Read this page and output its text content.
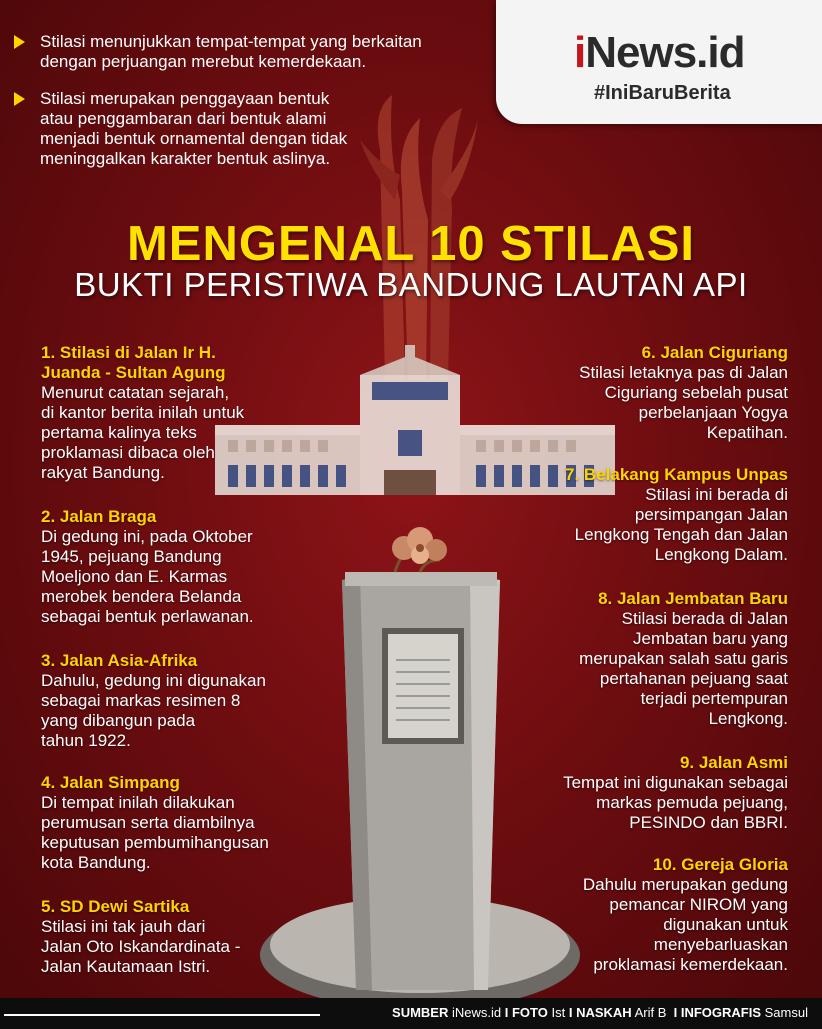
iNews.id
#IniBaruBerita
Stilasi menunjukkan tempat-tempat yang berkaitan
dengan perjuangan merebut kemerdekaan.
Stilasi merupakan penggayaan bentuk
atau penggambaran dari bentuk alami
menjadi bentuk ornamental dengan tidak
meninggalkan karakter bentuk aslinya.
MENGENAL 10 STILASI
BUKTI PERISTIWA BANDUNG LAUTAN API
1. Stilasi di Jalan Ir H.
Juanda - Sultan Agung
Menurut catatan sejarah,
di kantor berita inilah untuk
pertama kalinya teks
proklamasi dibaca oleh
rakyat Bandung.
2. Jalan Braga
Di gedung ini, pada Oktober
1945, pejuang Bandung
Moeljono dan E. Karmas
merobek bendera Belanda
sebagai bentuk perlawanan.
3. Jalan Asia-Afrika
Dahulu, gedung ini digunakan
sebagai markas resimen 8
yang dibangun pada
tahun 1922.
4. Jalan Simpang
Di tempat inilah dilakukan
perumusan serta diambilnya
keputusan pembumihangusan
kota Bandung.
5. SD Dewi Sartika
Stilasi ini tak jauh dari
Jalan Oto Iskandardinata -
Jalan Kautamaan Istri.
6. Jalan Ciguriang
Stilasi letaknya pas di Jalan
Ciguriang sebelah pusat
perbelanjaan Yogya
Kepatihan.
7. Belakang Kampus Unpas
Stilasi ini berada di
persimpangan Jalan
Lengkong Tengah dan Jalan
Lengkong Dalam.
8. Jalan Jembatan Baru
Stilasi berada di Jalan
Jembatan baru yang
merupakan salah satu garis
pertahanan pejuang saat
terjadi pertempuran
Lengkong.
9. Jalan Asmi
Tempat ini digunakan sebagai
markas pemuda pejuang,
PESINDO dan BBRI.
10. Gereja Gloria
Dahulu merupakan gedung
pemancar NIROM yang
digunakan untuk
menyebarluaskan
proklamasi kemerdekaan.
SUMBER iNews.id I FOTO Ist I NASKAH Arif B I INFOGRAFIS Samsul
